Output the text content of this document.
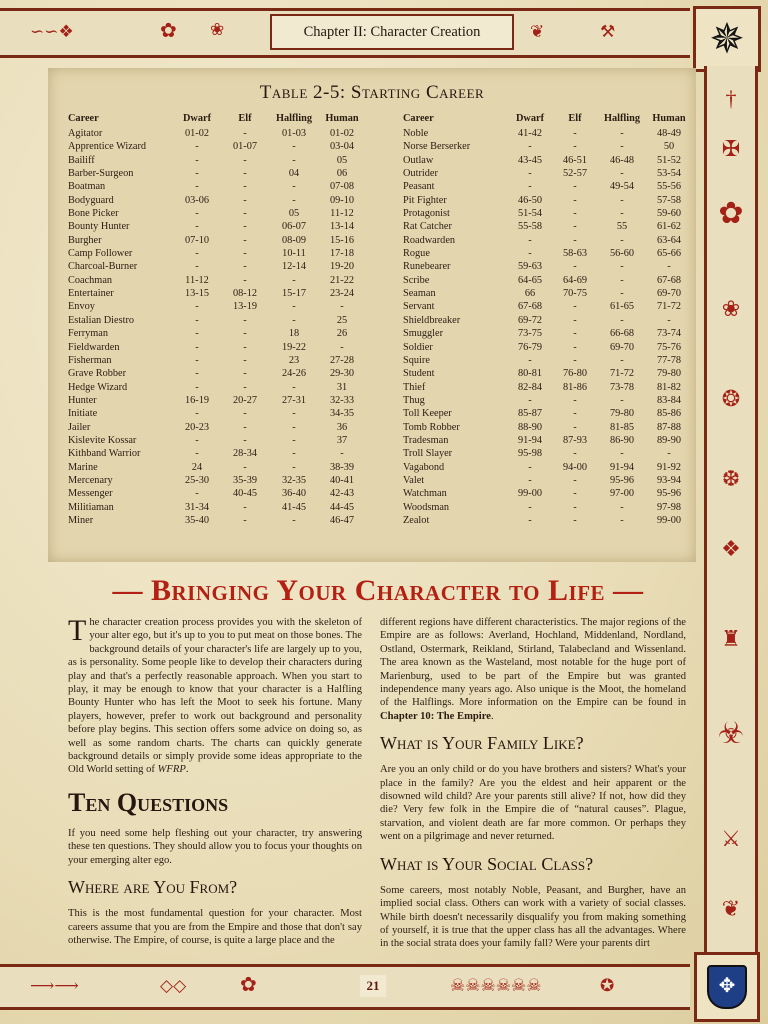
∽∽❖	✿ ❀	Chapter II: Character Creation	❦	⚒	✵
†
✠
✿
❀
❂
❆
❖
♜
☣
⚔
❦
⟶⟶	◇◇	✿	21	☠☠☠☠☠☠	✪	✥
Table 2-5: Starting Career
Career	Dwarf	Elf	Halfling	Human
Agitator	01-02	-	01-03	01-02
Apprentice Wizard	-	01-07	-	03-04
Bailiff	-	-	-	05
Barber-Surgeon	-	-	04	06
Boatman	-	-	-	07-08
Bodyguard	03-06	-	-	09-10
Bone Picker	-	-	05	11-12
Bounty Hunter	-	-	06-07	13-14
Burgher	07-10	-	08-09	15-16
Camp Follower	-	-	10-11	17-18
Charcoal-Burner	-	-	12-14	19-20
Coachman	11-12	-	-	21-22
Entertainer	13-15	08-12	15-17	23-24
Envoy	-	13-19	-	-
Estalian Diestro	-	-	-	25
Ferryman	-	-	18	26
Fieldwarden	-	-	19-22	-
Fisherman	-	-	23	27-28
Grave Robber	-	-	24-26	29-30
Hedge Wizard	-	-	-	31
Hunter	16-19	20-27	27-31	32-33
Initiate	-	-	-	34-35
Jailer	20-23	-	-	36
Kislevite Kossar	-	-	-	37
Kithband Warrior	-	28-34	-	-
Marine	24	-	-	38-39
Mercenary	25-30	35-39	32-35	40-41
Messenger	-	40-45	36-40	42-43
Militiaman	31-34	-	41-45	44-45
Miner	35-40	-	-	46-47
Career	Dwarf	Elf	Halfling	Human
Noble	41-42	-	-	48-49
Norse Berserker	-	-	-	50
Outlaw	43-45	46-51	46-48	51-52
Outrider	-	52-57	-	53-54
Peasant	-	-	49-54	55-56
Pit Fighter	46-50	-	-	57-58
Protagonist	51-54	-	-	59-60
Rat Catcher	55-58	-	55	61-62
Roadwarden	-	-	-	63-64
Rogue	-	58-63	56-60	65-66
Runebearer	59-63	-	-	-
Scribe	64-65	64-69	-	67-68
Seaman	66	70-75	-	69-70
Servant	67-68	-	61-65	71-72
Shieldbreaker	69-72	-	-	-
Smuggler	73-75	-	66-68	73-74
Soldier	76-79	-	69-70	75-76
Squire	-	-	-	77-78
Student	80-81	76-80	71-72	79-80
Thief	82-84	81-86	73-78	81-82
Thug	-	-	-	83-84
Toll Keeper	85-87	-	79-80	85-86
Tomb Robber	88-90	-	81-85	87-88
Tradesman	91-94	87-93	86-90	89-90
Troll Slayer	95-98	-	-	-
Vagabond	-	94-00	91-94	91-92
Valet	-	-	95-96	93-94
Watchman	99-00	-	97-00	95-96
Woodsman	-	-	-	97-98
Zealot	-	-	-	99-00
— Bringing Your Character to Life —

The character creation process provides you with the skeleton of your alter ego, but it's up to you to put meat on those bones. The background details of your character's life are largely up to you, as is personality. Some people like to develop their characters during play and that's a perfectly reasonable approach. When you start to play, it may be enough to know that your character is a Halfling Bounty Hunter who has left the Moot to seek his fortune. Many players, however, prefer to work out background and personality before play begins. This section offers some advice on doing so, as well as some random charts. The charts can quickly generate background details or simply provide some ideas appropriate to the Old World setting of WFRP.

Ten Questions

If you need some help fleshing out your character, try answering these ten questions. They should allow you to focus your thoughts on your emerging alter ego.

Where are You From?

This is the most fundamental question for your character. Most careers assume that you are from the Empire and those that don't say otherwise. The Empire, of course, is quite a large place and the

different regions have different characteristics. The major regions of the Empire are as follows: Averland, Hochland, Middenland, Nordland, Ostland, Ostermark, Reikland, Stirland, Talabecland and Wissenland. The area known as the Wasteland, most notable for the huge port of Marienburg, used to be part of the Empire but was granted independence many years ago. Also unique is the Moot, the homeland of the Halflings. More information on the Empire can be found in Chapter 10: The Empire.

What is Your Family Like?

Are you an only child or do you have brothers and sisters? What's your place in the family? Are you the eldest and heir apparent or the disowned wild child? Are your parents still alive? If not, how did they die? Very few folk in the Empire die of “natural causes”. Plague, starvation, and violent death are far more common. Or perhaps they went on a pilgrimage and never returned.

What is Your Social Class?

Some careers, most notably Noble, Peasant, and Burgher, have an implied social class. Others can work with a variety of social classes. While birth doesn't necessarily disqualify you from making something of yourself, it is true that the upper class has all the advantages. Where in the social strata does your family fall? Were your parents dirt
